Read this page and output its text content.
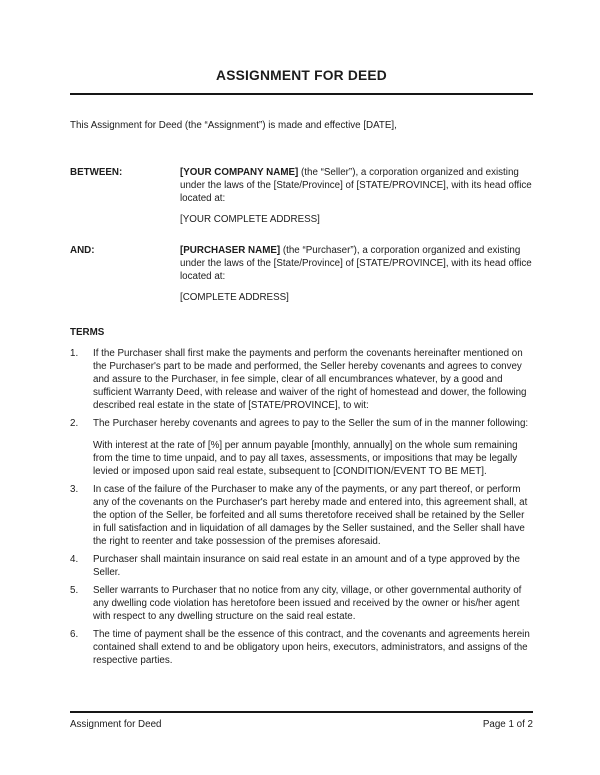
ASSIGNMENT FOR DEED

This Assignment for Deed (the “Assignment”) is made and effective [DATE],

BETWEEN:	[YOUR COMPANY NAME] (the “Seller”), a corporation organized and existing under the laws of the [State/Province] of [STATE/PROVINCE], with its head office located at:

[YOUR COMPLETE ADDRESS]

AND:	[PURCHASER NAME] (the “Purchaser”), a corporation organized and existing under the laws of the [State/Province] of [STATE/PROVINCE], with its head office located at:

[COMPLETE ADDRESS]

TERMS
1.	If the Purchaser shall first make the payments and perform the covenants hereinafter mentioned on the Purchaser's part to be made and performed, the Seller hereby covenants and agrees to convey and assure to the Purchaser, in fee simple, clear of all encumbrances whatever, by a good and sufficient Warranty Deed, with release and waiver of the right of homestead and dower, the following described real estate in the state of [STATE/PROVINCE], to wit:

2.	The Purchaser hereby covenants and agrees to pay to the Seller the sum of in the manner following:

With interest at the rate of [%] per annum payable [monthly, annually] on the whole sum remaining from the time to time unpaid, and to pay all taxes, assessments, or impositions that may be legally levied or imposed upon said real estate, subsequent to [CONDITION/EVENT TO BE MET].

3.	In case of the failure of the Purchaser to make any of the payments, or any part thereof, or perform any of the covenants on the Purchaser's part hereby made and entered into, this agreement shall, at the option of the Seller, be forfeited and all sums theretofore received shall be retained by the Seller in full satisfaction and in liquidation of all damages by the Seller sustained, and the Seller shall have the right to reenter and take possession of the premises aforesaid.

4.	Purchaser shall maintain insurance on said real estate in an amount and of a type approved by the Seller.

5.	Seller warrants to Purchaser that no notice from any city, village, or other governmental authority of any dwelling code violation has heretofore been issued and received by the owner or his/her agent with respect to any dwelling structure on the said real estate.

6.	The time of payment shall be the essence of this contract, and the covenants and agreements herein contained shall extend to and be obligatory upon heirs, executors, administrators, and assigns of the respective parties.

Assignment for Deed	Page 1 of 2
